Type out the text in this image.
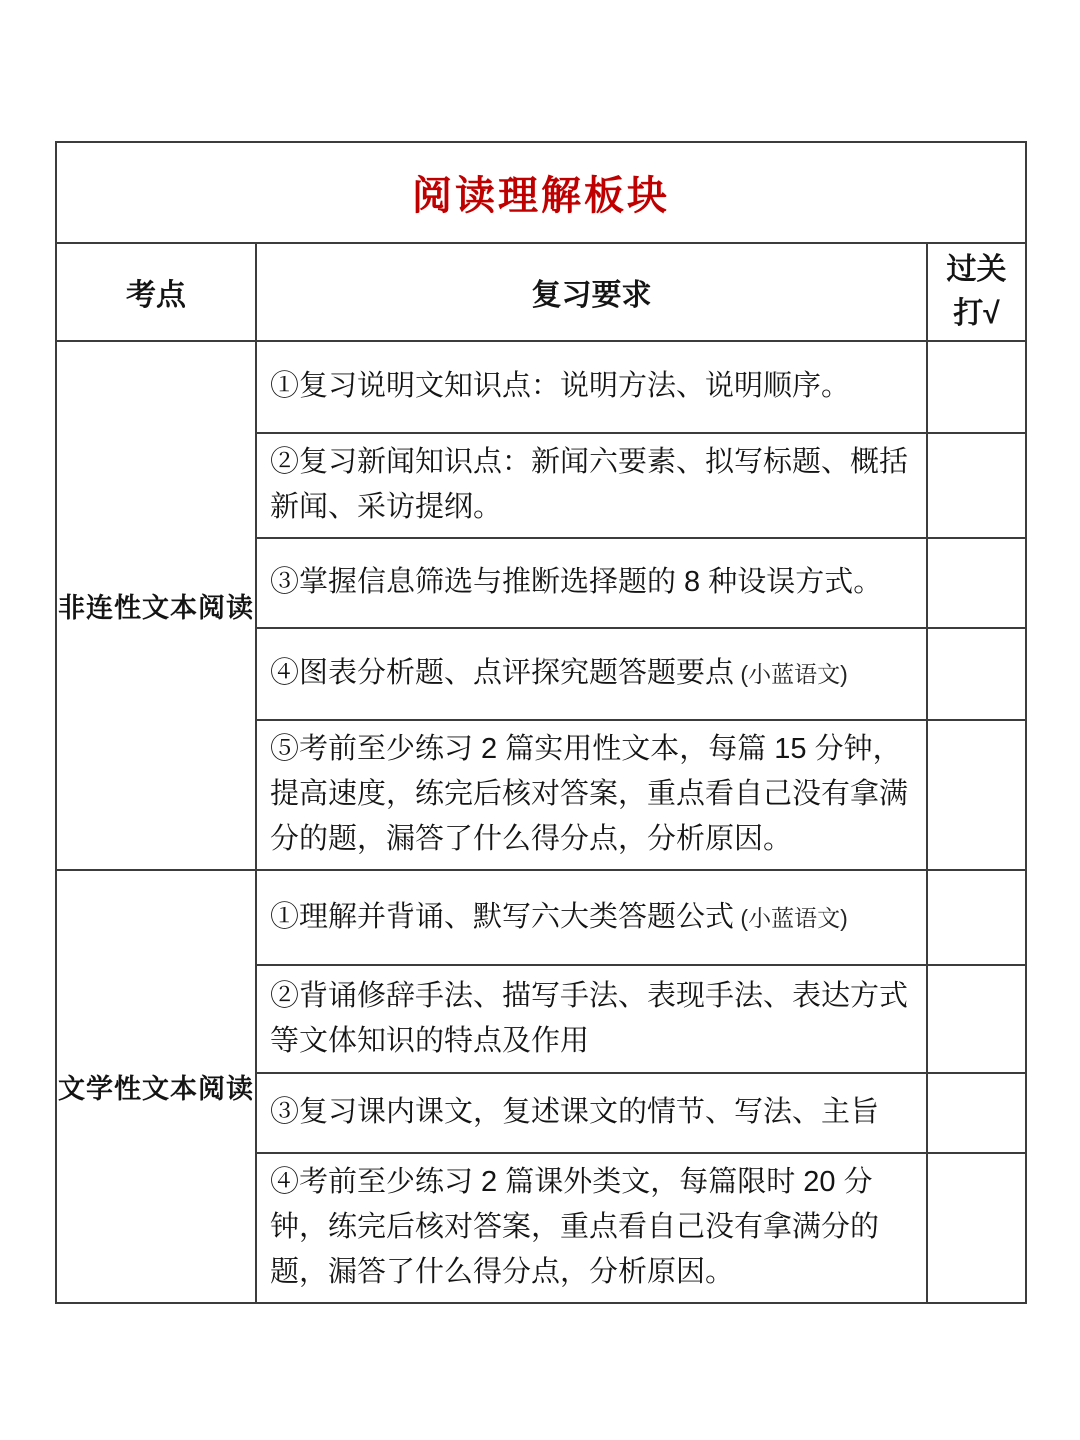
阅读理解板块		
考点	复习要求	过关
打√

非连性文本阅读	①复习说明文知识点：说明方法、说明顺序。	
	②复习新闻知识点：新闻六要素、拟写标题、概括新闻、采访提纲。	
	③掌握信息筛选与推断选择题的 8 种设误方式。	
	④图表分析题、点评探究题答题要点 (小蓝语文)	
	⑤考前至少练习 2 篇实用性文本，每篇 15 分钟，提高速度，练完后核对答案，重点看自己没有拿满分的题，漏答了什么得分点，分析原因。	
文学性文本阅读	①理解并背诵、默写六大类答题公式 (小蓝语文)	
	②背诵修辞手法、描写手法、表现手法、表达方式等文体知识的特点及作用	
	③复习课内课文，复述课文的情节、写法、主旨	
	④考前至少练习 2 篇课外类文，每篇限时 20 分钟，练完后核对答案，重点看自己没有拿满分的题，漏答了什么得分点，分析原因。	
